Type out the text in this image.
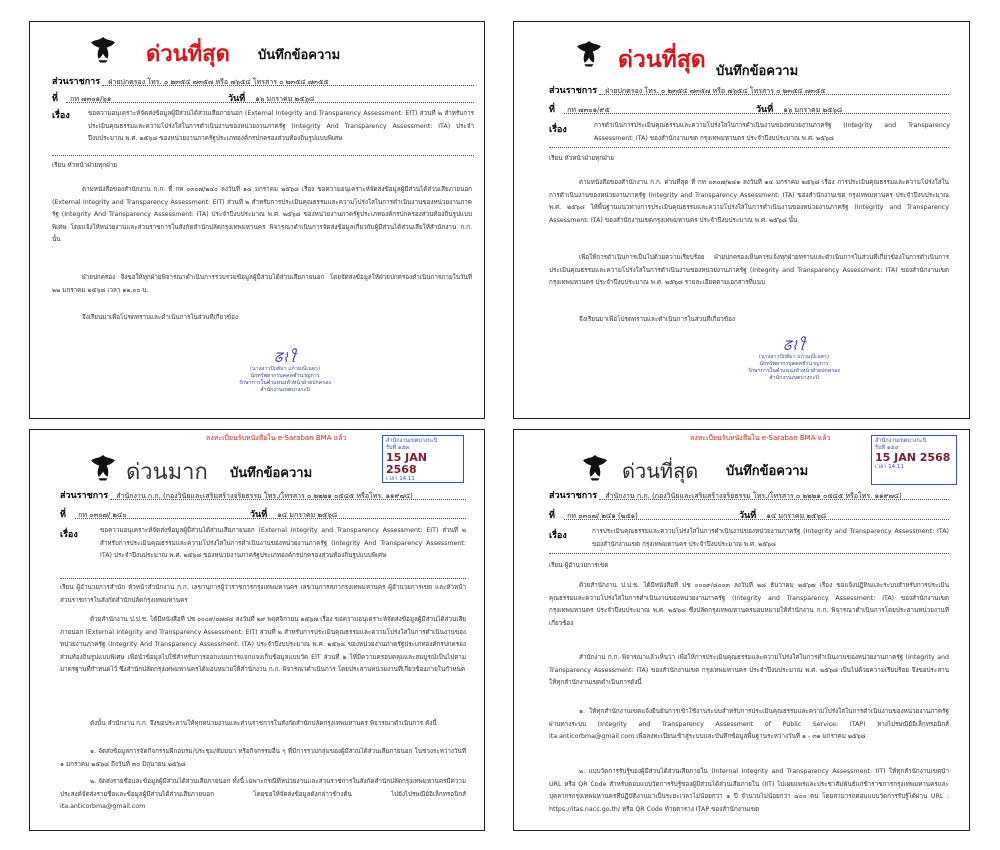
ด่วนที่สุด บันทึกข้อความ
ส่วนราชการ ฝ่ายปกครอง โทร. ๐ ๒๓๕๔ ๗๓๕๗ หรือ ๗๖๕๔ โทรสาร ๐ ๒๓๕๔ ๗๓๕๕
ที่ กท ๗๓๐๑/๖๑	วันที่ ๑๖ มกราคม ๒๕๖๘
เรื่อง	ขอความอนุเคราะห์จัดส่งข้อมูลผู้มีส่วนได้ส่วนเสียภายนอก (External Integrity and Transparency Assessment: EIT) ส่วนที่ ๒ สำหรับการประเมินคุณธรรมและความโปร่งใสในการดำเนินงานของหน่วยงานภาครัฐ (Integrity And Transparency Assessment: ITA) ประจำปีงบประมาณ พ.ศ. ๒๕๖๘ ของหน่วยงานภาครัฐประเภทองค์กรปกครองส่วนท้องถิ่นรูปแบบพิเศษ
เรียน หัวหน้าฝ่ายทุกฝ่าย
ตามหนังสือของสำนักงาน ก.ก. ที่ กท ๐๓๐๗/๒๔๐ ลงวันที่ ๑๔ มกราคม ๒๕๖๘ เรื่อง ขอความอนุเคราะห์จัดส่งข้อมูลผู้มีส่วนได้ส่วนเสียภายนอก (External Integrity and Transparency Assessment: EIT) ส่วนที่ ๒ สำหรับการประเมินคุณธรรมและความโปร่งใสในการดำเนินงานของหน่วยงานภาครัฐ (Integrity And Transparency Assessment: ITA) ประจำปีงบประมาณ พ.ศ. ๒๕๖๘ ของหน่วยงานภาครัฐประเภทองค์กรปกครองส่วนท้องถิ่นรูปแบบพิเศษ โดยแจ้งให้หน่วยงานและส่วนราชการในสังกัดสำนักปลัดกรุงเทพมหานคร พิจารณาดำเนินการจัดส่งข้อมูลเกี่ยวกับผู้มีส่วนได้ส่วนเสียให้สำนักงาน ก.ก. นั้น
ฝ่ายปกครอง จึงขอให้ทุกฝ่ายพิจารณาดำเนินการรวบรวมข้อมูลผู้มีส่วนได้ส่วนเสียภายนอก โดยจัดส่งข้อมูลให้ฝ่ายปกครองดำเนินการภายในวันที่ ๒๒ มกราคม ๒๕๖๘ เวลา ๑๒.๐๐ น.
จึงเรียนมาเพื่อโปรดทราบและดำเนินการในส่วนที่เกี่ยวข้อง
ᘔ⌇ꪻ
(นางสาวปัถฮิมา แก้วมณีเนตร)
นักทรัพยากรบุคคลชำนาญการ
รักษาการในตำแหน่งหัวหน้าฝ่ายปกครอง
สำนักงานเขตบางกะปิ
ด่วนที่สุด บันทึกข้อความ
ส่วนราชการ ฝ่ายปกครอง โทร. ๐ ๒๓๕๔ ๗๓๕๗ หรือ ๗๖๕๔ โทรสาร ๐ ๒๓๕๔ ๗๓๕๕
ที่ กท ๗๓๐๑/๙๕	วันที่ ๑๖ มกราคม ๒๕๖๘
เรื่อง	การดำเนินการประเมินคุณธรรมและความโปร่งใสในการดำเนินงานของหน่วยงานภาครัฐ (Integrity and Transparency Assessment: ITA) ของสำนักงานเขต กรุงเทพมหานคร ประจำปีงบประมาณ พ.ศ. ๒๕๖๘
เรียน หัวหน้าฝ่ายทุกฝ่าย
ตามหนังสือของสำนักงาน ก.ก. ด่วนที่สุด ที่ กท ๐๓๐๗/๒๔๑ ลงวันที่ ๑๔ มกราคม ๒๕๖๘ เรื่อง การประเมินคุณธรรมและความโปร่งใสในการดำเนินงานของหน่วยงานภาครัฐ (Integrity and Transparency Assessment: ITA) ของสำนักงานเขต กรุงเทพมหานคร ประจำปีงบประมาณ พ.ศ. ๒๕๖๘ ให้พื้นฐานแนวทางการประเมินคุณธรรมและความโปร่งใสในการดำเนินงานของหน่วยงานภาครัฐ (Integrity and Transparency Assessment: ITA) ของสำนักงานเขตกรุงเทพมหานคร ประจำปีงบประมาณ พ.ศ. ๒๕๖๘ นั้น
เพื่อให้การดำเนินการเป็นไปด้วยความเรียบร้อย ฝ่ายปกครองเห็นควรแจ้งทุกฝ่ายทราบและดำเนินการในส่วนที่เกี่ยวข้องในการดำเนินการประเมินคุณธรรมและความโปร่งใสในการดำเนินงานของหน่วยงานภาครัฐ (Integrity and Transparency Assessment: ITA) ของสำนักงานเขต กรุงเทพมหานคร ประจำปีงบประมาณ พ.ศ. ๒๕๖๘ รายละเอียดตามเอกสารที่แนบ
จึงเรียนมาเพื่อโปรดทราบและดำเนินการในส่วนที่เกี่ยวข้อง
ᘔ⌇ꪻ
(นางสาวปัถฮิมา แก้วมณีเนตร)
นักทรัพยากรบุคคลชำนาญการ
รักษาการในตำแหน่งหัวหน้าฝ่ายปกครอง
สำนักงานเขตบางกะปิ
ลงทะเบียนรับหนังสือใน e-Saraban BMA แล้ว	สำนักงานเขตบางกะปิ
รับที่ ๑๕๓
15 JAN 2568
เวลา 14.11
ด่วนมาก บันทึกข้อความ
ส่วนราชการ สำนักงาน ก.ก. (กองวินัยและเสริมสร้างจริยธรรม โทร./โทรสาร ๐ ๒๒๒๑ ๐๕๔๕ หรือโทร. ๑๑๙๗๔)
ที่ กท ๐๓๐๗/ ๒๔๐	วันที่ ๑๔ มกราคม ๒๕๖๘
เรื่อง	ขอความอนุเคราะห์จัดส่งข้อมูลผู้มีส่วนได้ส่วนเสียภายนอก (External Integrity and Transparency Assessment: EIT) ส่วนที่ ๒ สำหรับการประเมินคุณธรรมและความโปร่งใสในการดำเนินงานของหน่วยงานภาครัฐ (Integrity And Transparency Assessment: ITA) ประจำปีงบประมาณ พ.ศ. ๒๕๖๘ ของหน่วยงานภาครัฐประเภทองค์กรปกครองส่วนท้องถิ่นรูปแบบพิเศษ
เรียน ผู้อำนวยการสำนัก หัวหน้าสำนักงาน ก.ก. เลขานุการผู้ว่าราชการกรุงเทพมหานคร เลขานุการสภากรุงเทพมหานคร ผู้อำนวยการเขต และหัวหน้าส่วนราชการในสังกัดสำนักปลัดกรุงเทพมหานคร
ด้วยสำนักงาน ป.ป.ช. ได้มีหนังสือที่ ปช ๐๐๐๙/๐๗๘๔ ลงวันที่ ๒๙ พฤศจิกายน ๒๕๖๗ เรื่อง ขอความอนุเคราะห์จัดส่งข้อมูลผู้มีส่วนได้ส่วนเสียภายนอก (External Integrity and Transparency Assessment: EIT) ส่วนที่ ๒ สำหรับการประเมินคุณธรรมและความโปร่งใสในการดำเนินงานของหน่วยงานภาครัฐ (Integrity And Transparency Assessment: ITA) ประจำปีงบประมาณ พ.ศ. ๒๕๖๘ ของหน่วยงานภาครัฐประเภทองค์กรปกครองส่วนท้องถิ่นรูปแบบพิเศษ เพื่อนำข้อมูลไปใช้สำหรับการออกแบบการแจกแจงเก็บข้อมูลแบบวัด EIT ส่วนที่ ๒ ให้มีความครอบคลุมและสมบูรณ์เป็นไปตามมาตรฐานที่กำหนดไว้ ซึ่งสำนักปลัดกรุงเทพมหานครได้มอบหมายให้สำนักงาน ก.ก. พิจารณาดำเนินการ โดยประสานหน่วยงานที่เกี่ยวข้องภายในกำหนด
ดังนั้น สำนักงาน ก.ก. จึงขอประสานให้ทุกหน่วยงานและส่วนราชการในสังกัดสำนักปลัดกรุงเทพมหานคร พิจารณาดำเนินการ ดังนี้
๑. จัดส่งข้อมูลการจัดกิจกรรมฝึกอบรม/ประชุม/สัมมนา หรือกิจกรรมอื่น ๆ ที่มีการรวมกลุ่มของผู้มีส่วนได้ส่วนเสียภายนอก ในช่วงระหว่างวันที่ ๑ มกราคม ๒๕๖๘ ถึงวันที่ ๓๐ มิถุนายน ๒๕๖๘
๒. จัดส่งรายชื่อและข้อมูลผู้มีส่วนได้ส่วนเสียภายนอก ทั้งนี้ เฉพาะกรณีที่หน่วยงานและส่วนราชการในสังกัดสำนักปลัดกรุงเทพมหานครมีความประสงค์จัดส่งรายชื่อและข้อมูลผู้มีส่วนได้ส่วนเสียภายนอก โดยขอให้จัดส่งข้อมูลดังกล่าวข้างต้น ไปยังไปรษณีย์อิเล็กทรอนิกส์ ita.anticorbma@gmail.com
ลงทะเบียนรับหนังสือใน e-Saraban BMA แล้ว	สำนักงานเขตบางกะปิ
รับที่ ๑๕๔
15 JAN 2568
เวลา 14.11
ด่วนที่สุด บันทึกข้อความ
ส่วนราชการ สำนักงาน ก.ก. (กองวินัยและเสริมสร้างจริยธรรม โทร./โทรสาร ๐ ๒๒๒๑ ๐๕๔๕ หรือโทร. ๑๑๙๗๔)
ที่ กท ๐๓๐๗/ ๒๔๑ (๒๕๑)	วันที่ ๑๔ มกราคม ๒๕๖๘
เรื่อง	การประเมินคุณธรรมและความโปร่งใสในการดำเนินงานของหน่วยงานภาครัฐ (Integrity and Transparency Assessment: ITA) ของสำนักงานเขต กรุงเทพมหานคร ประจำปีงบประมาณ พ.ศ. ๒๕๖๘
เรียน ผู้อำนวยการเขต
ด้วยสำนักงาน ป.ป.ช. ได้มีหนังสือที่ ปช ๐๐๐๙/๘๐๐๓ ลงวันที่ ๒๘ ธันวาคม ๒๕๖๗ เรื่อง ขอแจ้งปฏิทินและระบบสำหรับการประเมินคุณธรรมและความโปร่งใสในการดำเนินงานของหน่วยงานภาครัฐ (Integrity and Transparency Assessment: ITA) ของสำนักงานเขต กรุงเทพมหานคร ประจำปีงบประมาณ พ.ศ. ๒๕๖๘ ซึ่งปลัดกรุงเทพมหานครมอบหมายให้สำนักงาน ก.ก. พิจารณาดำเนินการโดยประสานหน่วยงานที่เกี่ยวข้อง
สำนักงาน ก.ก. พิจารณาแล้วเห็นว่า เพื่อให้การประเมินคุณธรรมและความโปร่งใสในการดำเนินงานของหน่วยงานภาครัฐ (Integrity and Transparency Assessment: ITA) ของสำนักงานเขต กรุงเทพมหานคร ประจำปีงบประมาณ พ.ศ. ๒๕๖๘ เป็นไปด้วยความเรียบร้อย จึงขอประสานให้ทุกสำนักงานเขตดำเนินการดังนี้
๑. ให้ทุกสำนักงานเขตแจ้งยืนยันการเข้าใช้งานระบบสำหรับการประเมินคุณธรรมและความโปร่งใสในการดำเนินงานของหน่วยงานภาครัฐผ่านทางระบบ (Integrity and Transparency Assessment of Public Service: ITAP) ทางไปรษณีย์อิเล็กทรอนิกส์ ita.anticorbma@gmail.com เพื่อลงทะเบียนเข้าสู่ระบบและบันทึกข้อมูลพื้นฐานระหว่างวันที่ ๑ - ๓๑ มกราคม ๒๕๖๘
๒. แบบวัดการรับรู้ของผู้มีส่วนได้ส่วนเสียภายใน (Internal Integrity and Transparency Assessment: IIT) ให้ทุกสำนักงานเขตนำ URL หรือ QR Code สำหรับตอบแบบวัดการรับรู้ของผู้มีส่วนได้ส่วนเสียภายใน (IIT) ไปเผยแพร่และประชาสัมพันธ์แก่ข้าราชการกรุงเทพมหานครและบุคลากรกรุงเทพมหานครที่ปฏิบัติงานมาเป็นระยะเวลาไม่น้อยกว่า ๑ ปี จำนวนไม่น้อยกว่า ๔๐๐ คน โดยสามารถตอบแบบวัดการรับรู้ได้ผ่าน URL : https://itas.nacc.go.th/ หรือ QR Code ท้ายตาราง ITAP ของสำนักงานเขต
